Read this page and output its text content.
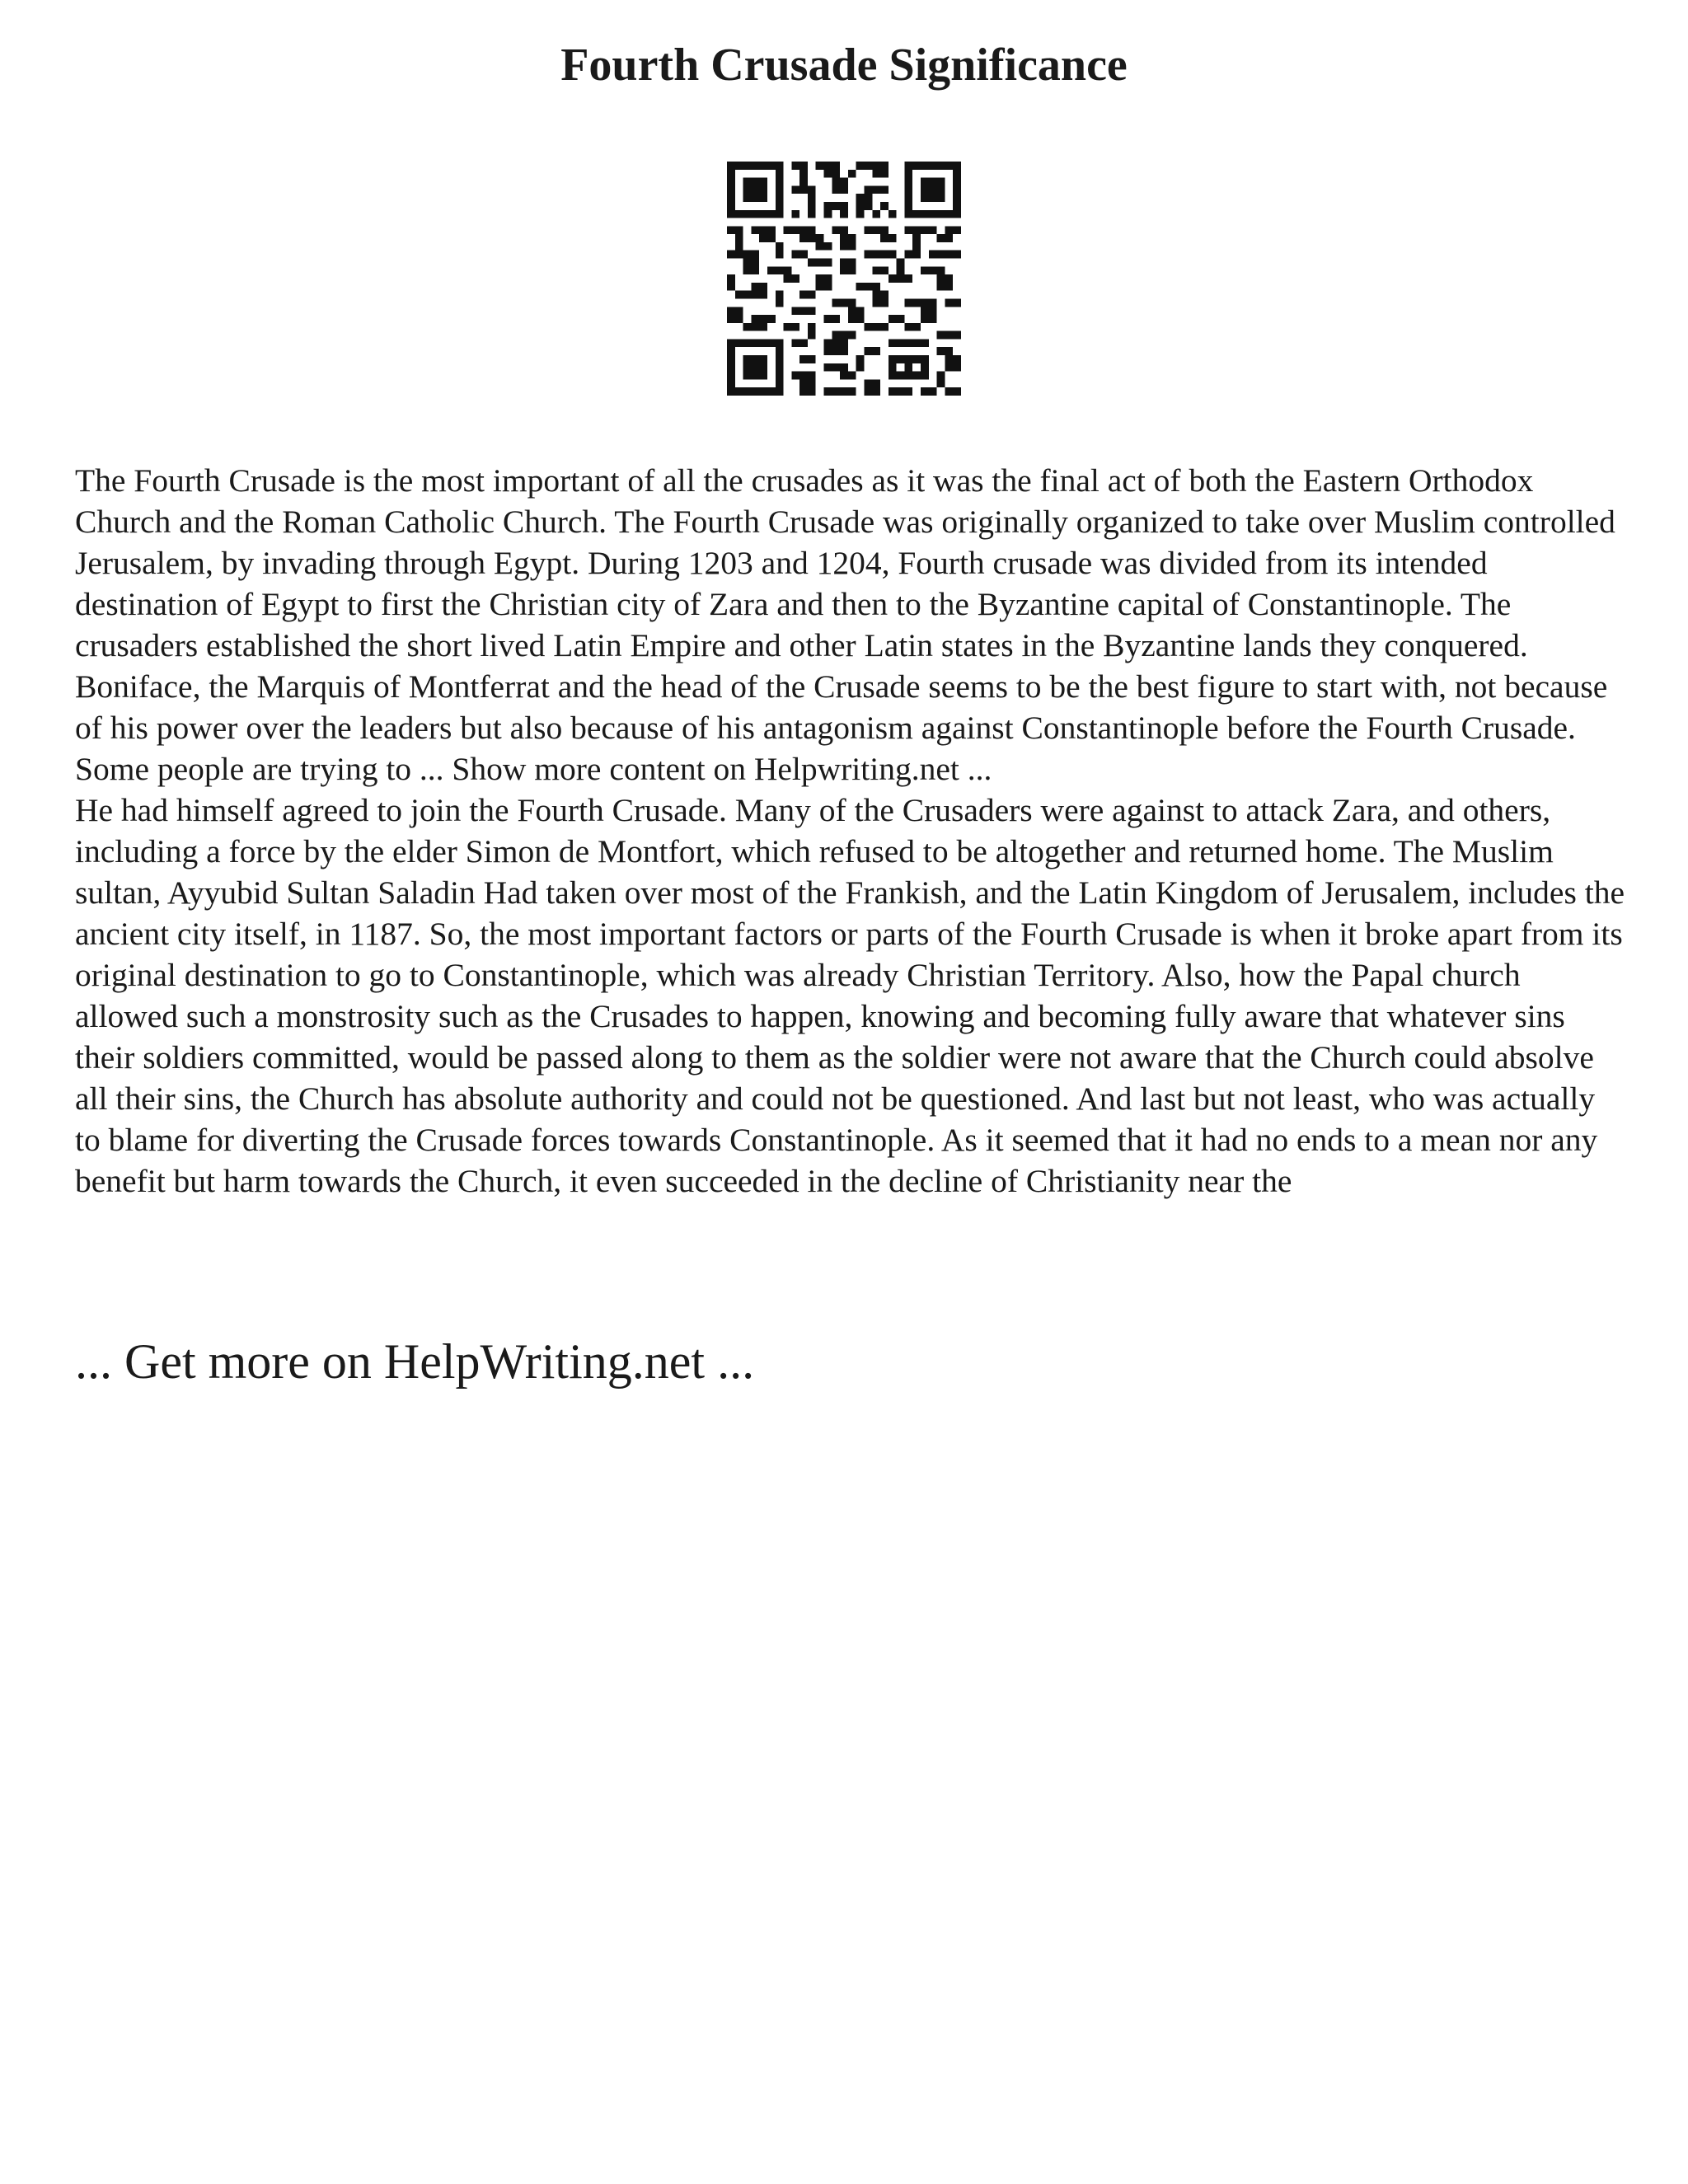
Fourth Crusade Significance

The Fourth Crusade is the most important of all the crusades as it was the final act of both the Eastern Orthodox Church and the Roman Catholic Church. The Fourth Crusade was originally organized to take over Muslim controlled Jerusalem, by invading through Egypt. During 1203 and 1204, Fourth crusade was divided from its intended destination of Egypt to first the Christian city of Zara and then to the Byzantine capital of Constantinople. The crusaders established the short lived Latin Empire and other Latin states in the Byzantine lands they conquered. Boniface, the Marquis of Montferrat and the head of the Crusade seems to be the best figure to start with, not because of his power over the leaders but also because of his antagonism against Constantinople before the Fourth Crusade. Some people are trying to ... Show more content on Helpwriting.net ...

He had himself agreed to join the Fourth Crusade. Many of the Crusaders were against to attack Zara, and others, including a force by the elder Simon de Montfort, which refused to be altogether and returned home. The Muslim sultan, Ayyubid Sultan Saladin Had taken over most of the Frankish, and the Latin Kingdom of Jerusalem, includes the ancient city itself, in 1187. So, the most important factors or parts of the Fourth Crusade is when it broke apart from its original destination to go to Constantinople, which was already Christian Territory. Also, how the Papal church allowed such a monstrosity such as the Crusades to happen, knowing and becoming fully aware that whatever sins their soldiers committed, would be passed along to them as the soldier were not aware that the Church could absolve all their sins, the Church has absolute authority and could not be questioned. And last but not least, who was actually to blame for diverting the Crusade forces towards Constantinople. As it seemed that it had no ends to a mean nor any benefit but harm towards the Church, it even succeeded in the decline of Christianity near the

... Get more on HelpWriting.net ...
